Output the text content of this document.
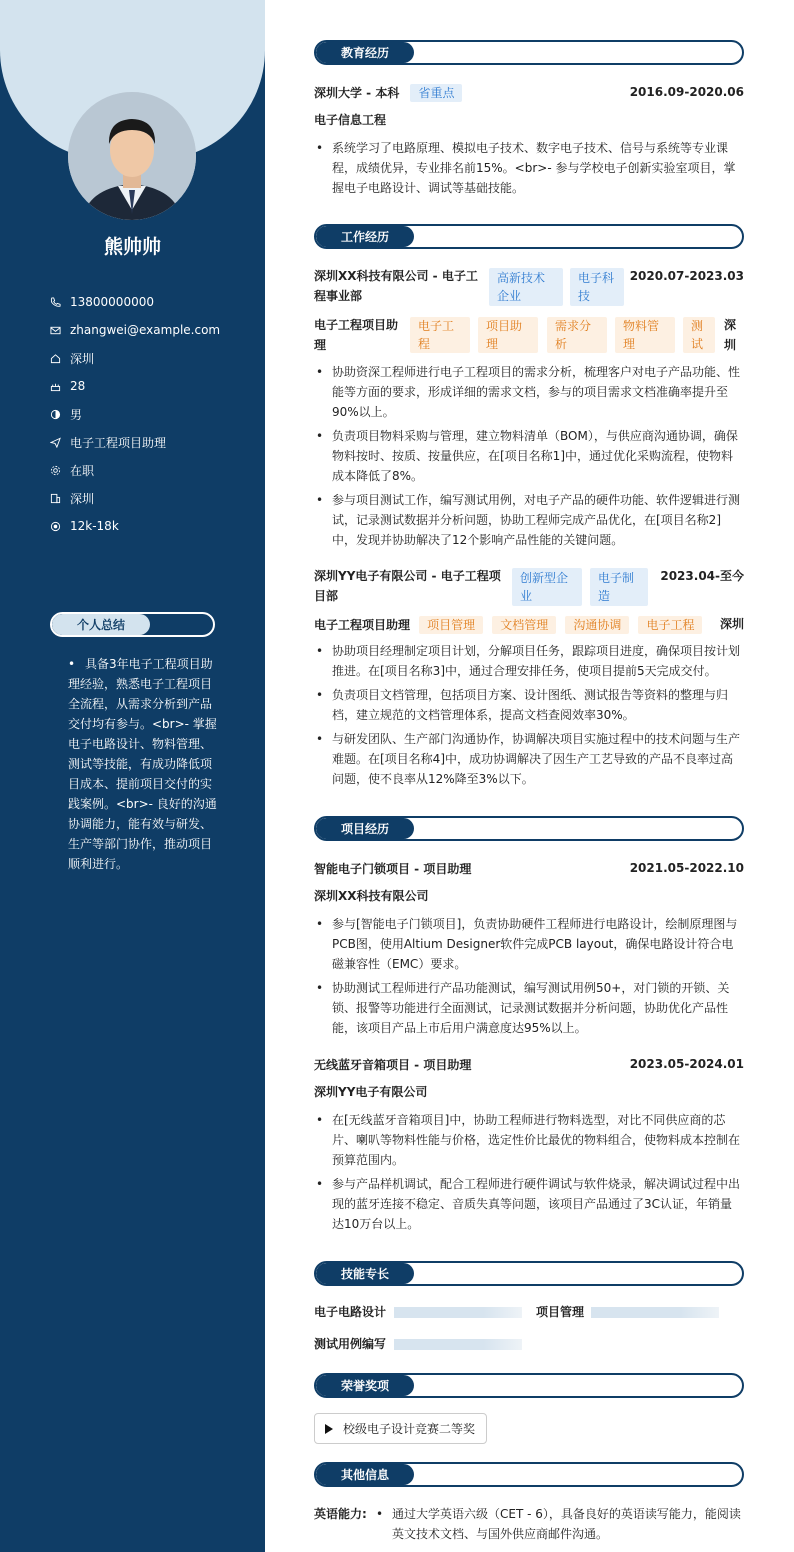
熊帅帅
13800000000
zhangwei@example.com
深圳
28
男
电子工程项目助理
在职
深圳
12k-18k
个人总结
• 具备3年电子工程项目助理经验，熟悉电子工程项目全流程，从需求分析到产品交付均有参与。<br>- 掌握电子电路设计、物料管理、测试等技能，有成功降低项目成本、提前项目交付的实践案例。<br>- 良好的沟通协调能力，能有效与研发、生产等部门协作，推动项目顺利进行。
教育经历
深圳大学 - 本科 省重点	2016.09-2020.06
电子信息工程
• 系统学习了电路原理、模拟电子技术、数字电子技术、信号与系统等专业课程，成绩优异，专业排名前15%。<br>- 参与学校电子创新实验室项目，掌握电子电路设计、调试等基础技能。
工作经历
深圳XX科技有限公司 - 电子工
程事业部
高新技术
企业
电子科
技
2020.07-2023.03
电子工程项目助
理
电子工
程
项目助
理
需求分
析
物料管
理
测
试
深
圳
• 协助资深工程师进行电子工程项目的需求分析，梳理客户对电子产品功能、性能等方面的要求，形成详细的需求文档，参与的项目需求文档准确率提升至90%以上。
• 负责项目物料采购与管理，建立物料清单（BOM），与供应商沟通协调，确保物料按时、按质、按量供应，在[项目名称1]中，通过优化采购流程，使物料成本降低了8%。
• 参与项目测试工作，编写测试用例，对电子产品的硬件功能、软件逻辑进行测试，记录测试数据并分析问题，协助工程师完成产品优化，在[项目名称2]中，发现并协助解决了12个影响产品性能的关键问题。
深圳YY电子有限公司 - 电子工程项
目部
创新型企
业
电子制
造
2023.04-至今
电子工程项目助理 项目管理 文档管理 沟通协调 电子工程 深圳
• 协助项目经理制定项目计划，分解项目任务，跟踪项目进度，确保项目按计划推进。在[项目名称3]中，通过合理安排任务，使项目提前5天完成交付。
• 负责项目文档管理，包括项目方案、设计图纸、测试报告等资料的整理与归档，建立规范的文档管理体系，提高文档查阅效率30%。
• 与研发团队、生产部门沟通协作，协调解决项目实施过程中的技术问题与生产难题。在[项目名称4]中，成功协调解决了因生产工艺导致的产品不良率过高问题，使不良率从12%降至3%以下。
项目经历
智能电子门锁项目 - 项目助理	2021.05-2022.10
深圳XX科技有限公司
• 参与[智能电子门锁项目]，负责协助硬件工程师进行电路设计，绘制原理图与PCB图，使用Altium Designer软件完成PCB layout，确保电路设计符合电磁兼容性（EMC）要求。
• 协助测试工程师进行产品功能测试，编写测试用例50+，对门锁的开锁、关锁、报警等功能进行全面测试，记录测试数据并分析问题，协助优化产品性能，该项目产品上市后用户满意度达95%以上。
无线蓝牙音箱项目 - 项目助理	2023.05-2024.01
深圳YY电子有限公司
• 在[无线蓝牙音箱项目]中，协助工程师进行物料选型，对比不同供应商的芯片、喇叭等物料性能与价格，选定性价比最优的物料组合，使物料成本控制在预算范围内。
• 参与产品样机调试，配合工程师进行硬件调试与软件烧录，解决调试过程中出现的蓝牙连接不稳定、音质失真等问题，该项目产品通过了3C认证，年销量达10万台以上。
技能专长
电子电路设计	项目管理
测试用例编写
荣誉奖项
校级电子设计竞赛二等奖
其他信息
英语能力:
•	通过大学英语六级（CET - 6），具备良好的英语读写能力，能阅读英文技术文档、与国外供应商邮件沟通。
